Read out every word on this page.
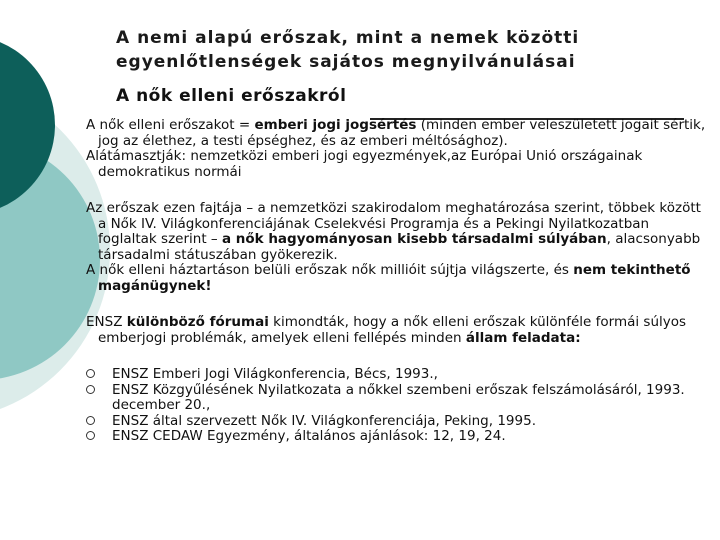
A nemi alapú erőszak, mint a nemek közötti
egyenlőtlenségek sajátos megnyilvánulásai
A nők elleni erőszakról

A nők elleni erőszakot = emberi jogi jogsértés (minden ember veleszületett jogait sértik, jog az élethez, a testi épséghez, és az emberi méltósághoz).

Alátámasztják: nemzetközi emberi jogi egyezmények,az Európai Unió országainak demokratikus normái

Az erőszak ezen fajtája – a nemzetközi szakirodalom meghatározása szerint, többek között a Nők IV. Világkonferenciájának Cselekvési Programja és a Pekingi Nyilatkozatban foglaltak szerint – a nők hagyományosan kisebb társadalmi súlyában, alacsonyabb társadalmi státuszában gyökerezik.

A nők elleni háztartáson belüli erőszak nők millióit sújtja világszerte, és nem tekinthető magánügynek!

ENSZ különböző fórumai kimondták, hogy a nők elleni erőszak különféle formái súlyos emberjogi problémák, amelyek elleni fellépés minden állam feladata:

ENSZ Emberi Jogi Világkonferencia, Bécs, 1993.,
ENSZ Közgyűlésének Nyilatkozata a nőkkel szembeni erőszak felszámolásáról, 1993. december 20.,
ENSZ által szervezett Nők IV. Világkonferenciája, Peking, 1995.
ENSZ CEDAW Egyezmény, általános ajánlások: 12, 19, 24.
